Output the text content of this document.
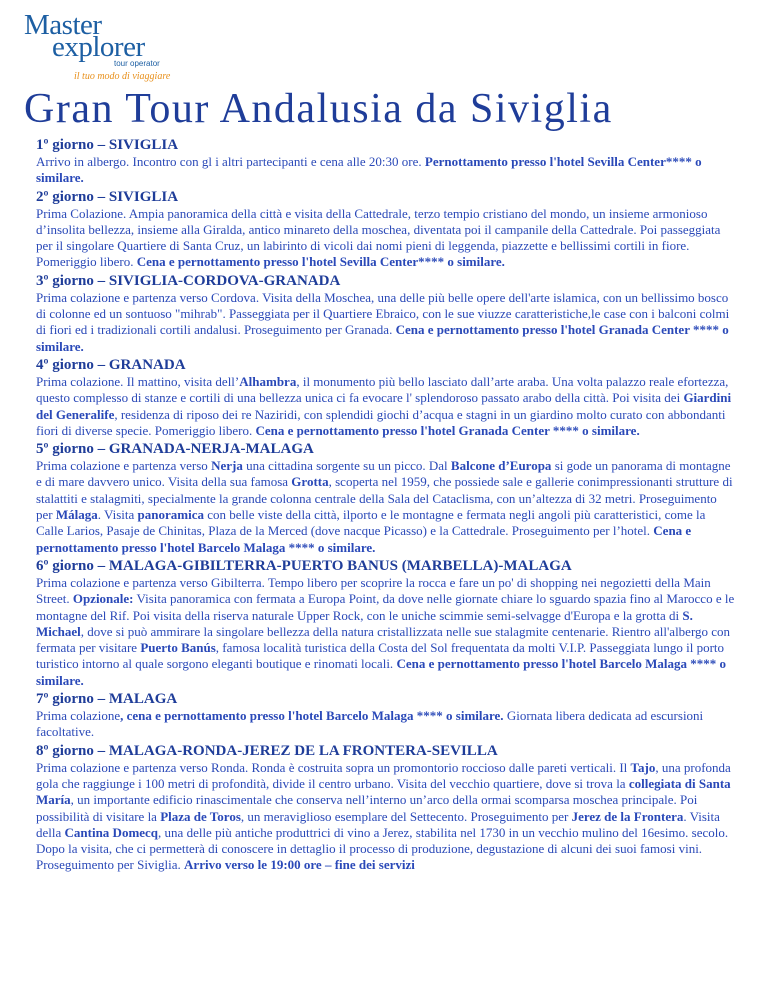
Master
explorer
tour operator
il tuo modo di viaggiare
Gran Tour Andalusia da Siviglia
1º giorno – SIVIGLIA

Arrivo in albergo. Incontro con gl i altri partecipanti e cena alle 20:30 ore. Pernottamento presso l'hotel Sevilla Center**** o similare.

2º giorno – SIVIGLIA

Prima Colazione. Ampia panoramica della città e visita della Cattedrale, terzo tempio cristiano del mondo, un insieme armonioso d’insolita bellezza, insieme alla Giralda, antico minareto della moschea, diventata poi il campanile della Cattedrale. Poi passeggiata per il singolare Quartiere di Santa Cruz, un labirinto di vicoli dai nomi pieni di leggenda, piazzette e bellissimi cortili in fiore. Pomeriggio libero. Cena e pernottamento presso l'hotel Sevilla Center**** o similare.

3º giorno – SIVIGLIA-CORDOVA-GRANADA

Prima colazione e partenza verso Cordova. Visita della Moschea, una delle più belle opere dell'arte islamica, con un bellissimo bosco di colonne ed un sontuoso "mihrab". Passeggiata per il Quartiere Ebraico, con le sue viuzze caratteristiche,le case con i balconi colmi di fiori ed i tradizionali cortili andalusi. Proseguimento per Granada. Cena e pernottamento presso l'hotel Granada Center **** o similare.

4º giorno – GRANADA

Prima colazione. Il mattino, visita dell’Alhambra, il monumento più bello lasciato dall’arte araba. Una volta palazzo reale efortezza, questo complesso di stanze e cortili di una bellezza unica ci fa evocare l' splendoroso passato arabo della città. Poi visita dei Giardini del Generalife, residenza di riposo dei re Naziridi, con splendidi giochi d’acqua e stagni in un giardino molto curato con abbondanti fiori di diverse specie. Pomeriggio libero. Cena e pernottamento presso l'hotel Granada Center **** o similare.

5º giorno – GRANADA-NERJA-MALAGA

Prima colazione e partenza verso Nerja una cittadina sorgente su un picco. Dal Balcone d’Europa si gode un panorama di montagne e di mare davvero unico. Visita della sua famosa Grotta, scoperta nel 1959, che possiede sale e gallerie conimpressionanti strutture di stalattiti e stalagmiti, specialmente la grande colonna centrale della Sala del Cataclisma, con un’altezza di 32 metri. Proseguimento per Málaga. Visita panoramica con belle viste della città, ilporto e le montagne e fermata negli angoli più caratteristici, come la Calle Larios, Pasaje de Chinitas, Plaza de la Merced (dove nacque Picasso) e la Cattedrale. Proseguimento per l’hotel. Cena e pernottamento presso l'hotel Barcelo Malaga **** o similare.

6º giorno – MALAGA-GIBILTERRA-PUERTO BANUS (MARBELLA)-MALAGA

Prima colazione e partenza verso Gibilterra. Tempo libero per scoprire la rocca e fare un po' di shopping nei negozietti della Main Street. Opzionale: Visita panoramica con fermata a Europa Point, da dove nelle giornate chiare lo sguardo spazia fino al Marocco e le montagne del Rif. Poi visita della riserva naturale Upper Rock, con le uniche scimmie semi-selvagge d'Europa e la grotta di S. Michael, dove si può ammirare la singolare bellezza della natura cristallizzata nelle sue stalagmite centenarie. Rientro all'albergo con fermata per visitare Puerto Banús, famosa località turistica della Costa del Sol frequentata da molti V.I.P. Passeggiata lungo il porto turistico intorno al quale sorgono eleganti boutique e rinomati locali. Cena e pernottamento presso l'hotel Barcelo Malaga **** o similare.

7º giorno – MALAGA

Prima colazione, cena e pernottamento presso l'hotel Barcelo Malaga **** o similare. Giornata libera dedicata ad escursioni facoltative.

8º giorno – MALAGA-RONDA-JEREZ DE LA FRONTERA-SEVILLA

Prima colazione e partenza verso Ronda. Ronda è costruita sopra un promontorio roccioso dalle pareti verticali. Il Tajo, una profonda gola che raggiunge i 100 metri di profondità, divide il centro urbano. Visita del vecchio quartiere, dove si trova la collegiata di Santa María, un importante edificio rinascimentale che conserva nell’interno un’arco della ormai scomparsa moschea principale. Poi possibilità di visitare la Plaza de Toros, un meraviglioso esemplare del Settecento. Proseguimento per Jerez de la Frontera. Visita della Cantina Domecq, una delle più antiche produttrici di vino a Jerez, stabilita nel 1730 in un vecchio mulino del 16esimo. secolo. Dopo la visita, che ci permetterà di conoscere in dettaglio il processo di produzione, degustazione di alcuni dei suoi famosi vini. Proseguimento per Siviglia. Arrivo verso le 19:00 ore – fine dei servizi
